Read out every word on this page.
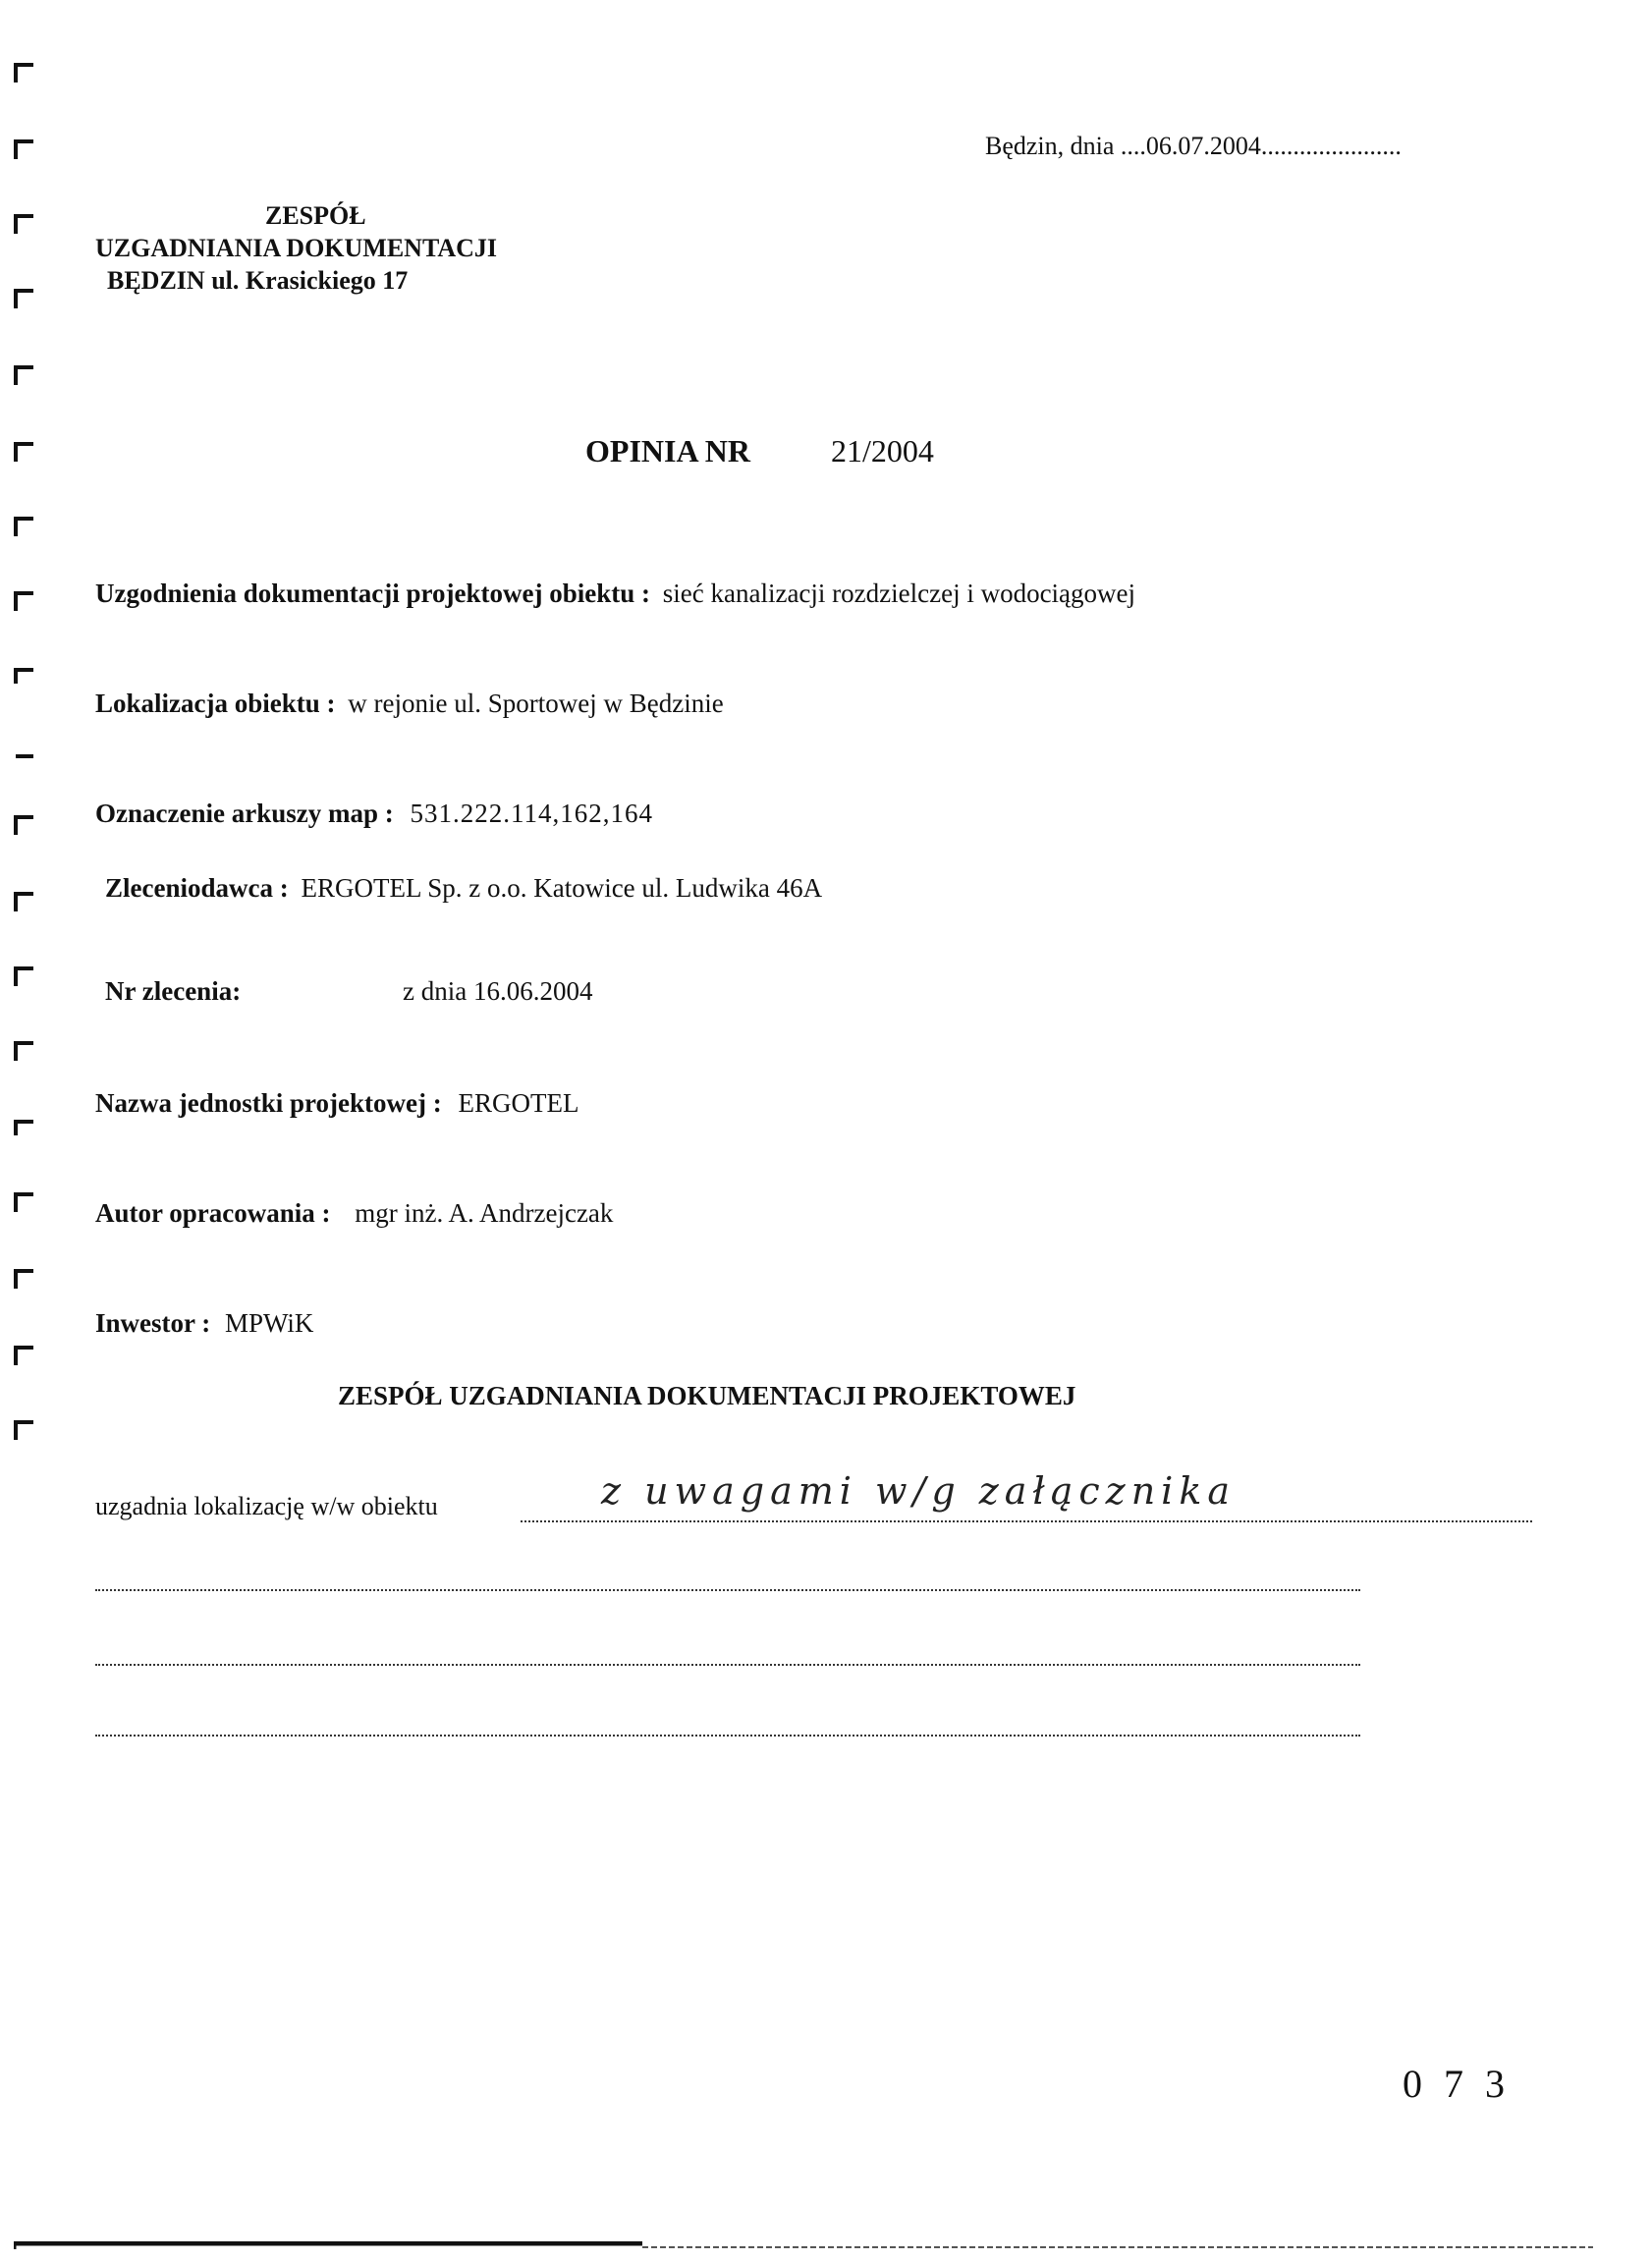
Będzin, dnia ....06.07.2004......................
ZESPÓŁ
UZGADNIANIA DOKUMENTACJI
BĘDZIN ul. Krasickiego 17
OPINIA NR	21/2004
Uzgodnienia dokumentacji projektowej obiektu : sieć kanalizacji rozdzielczej i wodociągowej
Lokalizacja obiektu : w rejonie ul. Sportowej w Będzinie
Oznaczenie arkuszy map : 531.222.114,162,164
Zleceniodawca : ERGOTEL Sp. z o.o. Katowice ul. Ludwika 46A
Nr zlecenia:	z dnia 16.06.2004
Nazwa jednostki projektowej : ERGOTEL
Autor opracowania : mgr inż. A. Andrzejczak
Inwestor : MPWiK
ZESPÓŁ UZGADNIANIA DOKUMENTACJI PROJEKTOWEJ
uzgadnia lokalizację w/w obiektu	z uwagami w/g załącznika
0 7 3
